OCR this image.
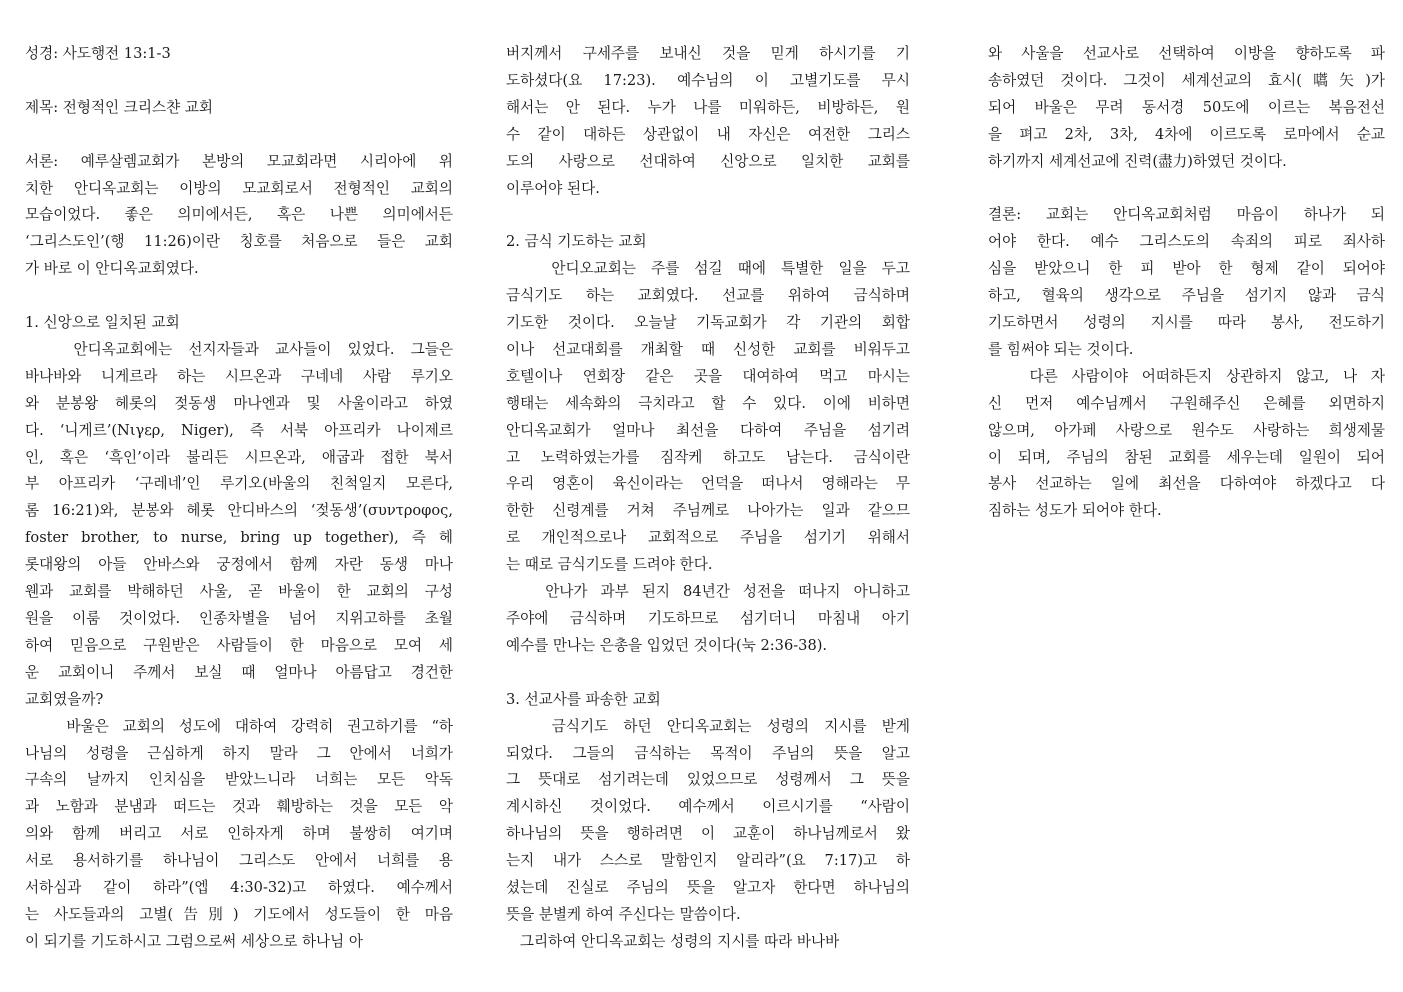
성경: 사도행전 13:1-3
제목: 전형적인 크리스챤 교회
서론: 예루살렘교회가 본방의 모교회라면 시리아에 위
치한 안디옥교회는 이방의 모교회로서 전형적인 교회의
모습이었다. 좋은 의미에서든, 혹은 나쁜 의미에서든
‘그리스도인’(행 11:26)이란 칭호를 처음으로 들은 교회
가 바로 이 안디옥교회였다.
1. 신앙으로 일치된 교회
안디옥교회에는 선지자들과 교사들이 있었다. 그들은
바나바와 니게르라 하는 시므온과 구네네 사람 루기오
와 분봉왕 헤롯의 젖동생 마나엔과 및 사울이라고 하였
다. ‘니게르’(Νιγερ, Niger), 즉 서북 아프리카 나이제르
인, 혹은 ‘흑인’이라 불리든 시므온과, 애굽과 접한 북서
부 아프리카 ‘구레네’인 루기오(바울의 친척일지 모른다,
롬 16:21)와, 분봉와 헤롯 안디바스의 ‘젖동생’(συντροφος,
foster brother, to nurse, bring up together), 즉 헤
롯대왕의 아들 안바스와 궁정에서 함께 자란 동생 마나
웬과 교회를 박해하던 사울, 곧 바울이 한 교회의 구성
원을 이룸 것이었다. 인종차별을 넘어 지위고하를 초월
하여 믿음으로 구원받은 사람들이 한 마음으로 모여 세
운 교회이니 주께서 보실 때 얼마나 아름답고 경건한
교회였을까?
바울은 교회의 성도에 대하여 강력히 권고하기를 “하
나님의 성령을 근심하게 하지 말라 그 안에서 너희가
구속의 날까지 인치심을 받았느니라 너희는 모든 악독
과 노함과 분냄과 떠드는 것과 훼방하는 것을 모든 악
의와 함께 버리고 서로 인하자게 하며 불쌍히 여기며
서로 용서하기를 하나님이 그리스도 안에서 너희를 용
서하심과 같이 하라”(엡 4:30-32)고 하였다. 예수께서
는 사도들과의 고별(告別) 기도에서 성도들이 한 마음
이 되기를 기도하시고 그럼으로써 세상으로 하나님 아
버지께서 구세주를 보내신 것을 믿게 하시기를 기
도하셨다(요 17:23). 예수님의 이 고별기도를 무시
해서는 안 된다. 누가 나를 미워하든, 비방하든, 원
수 같이 대하든 상관없이 내 자신은 여전한 그리스
도의 사랑으로 선대하여 신앙으로 일치한 교회를
이루어야 된다.
2. 금식 기도하는 교회
안디오교회는 주를 섬길 때에 특별한 일을 두고
금식기도 하는 교회였다. 선교를 위하여 금식하며
기도한 것이다. 오늘날 기독교회가 각 기관의 회합
이나 선교대회를 개최할 때 신성한 교회를 비워두고
호텔이나 연회장 같은 곳을 대여하여 먹고 마시는
행태는 세속화의 극치라고 할 수 있다. 이에 비하면
안디옥교회가 얼마나 최선을 다하여 주님을 섬기려
고 노력하였는가를 짐작케 하고도 남는다. 금식이란
우리 영혼이 육신이라는 언덕을 떠나서 영해라는 무
한한 신령계를 거쳐 주님께로 나아가는 일과 같으므
로 개인적으로나 교회적으로 주님을 섬기기 위해서
는 때로 금식기도를 드려야 한다.
안나가 과부 된지 84년간 성전을 떠나지 아니하고
주야에 금식하며 기도하므로 섬기더니 마침내 아기
예수를 만나는 은총을 입었던 것이다(눅 2:36-38).
3. 선교사를 파송한 교회
금식기도 하던 안디옥교회는 성령의 지시를 받게
되었다. 그들의 금식하는 목적이 주님의 뜻을 알고
그 뜻대로 섬기려는데 있었으므로 성령께서 그 뜻을
계시하신 것이었다. 예수께서 이르시기를 “사람이
하나님의 뜻을 행하려면 이 교훈이 하나님께로서 왔
는지 내가 스스로 말함인지 알리라”(요 7:17)고 하
셨는데 진실로 주님의 뜻을 알고자 한다면 하나님의
뜻을 분별케 하여 주신다는 말씀이다.
그리하여 안디옥교회는 성령의 지시를 따라 바나바
와 사울을 선교사로 선택하여 이방을 향하도록 파
송하였던 것이다. 그것이 세계선교의 효시(嚆矢)가
되어 바울은 무려 동서경 50도에 이르는 복음전선
을 펴고 2차, 3차, 4차에 이르도록 로마에서 순교
하기까지 세계선교에 진력(盡力)하였던 것이다.
결론: 교회는 안디옥교회처럼 마음이 하나가 되
어야 한다. 예수 그리스도의 속죄의 피로 죄사하
심을 받았으니 한 피 받아 한 형제 같이 되어야
하고, 혈육의 생각으로 주님을 섬기지 않과 금식
기도하면서 성령의 지시를 따라 봉사, 전도하기
를 힘써야 되는 것이다.
다른 사람이야 어떠하든지 상관하지 않고, 나 자
신 먼저 예수님께서 구원해주신 은혜를 외면하지
않으며, 아가페 사랑으로 원수도 사랑하는 희생제물
이 되며, 주님의 참된 교회를 세우는데 일원이 되어
봉사 선교하는 일에 최선을 다하여야 하겠다고 다
짐하는 성도가 되어야 한다.
